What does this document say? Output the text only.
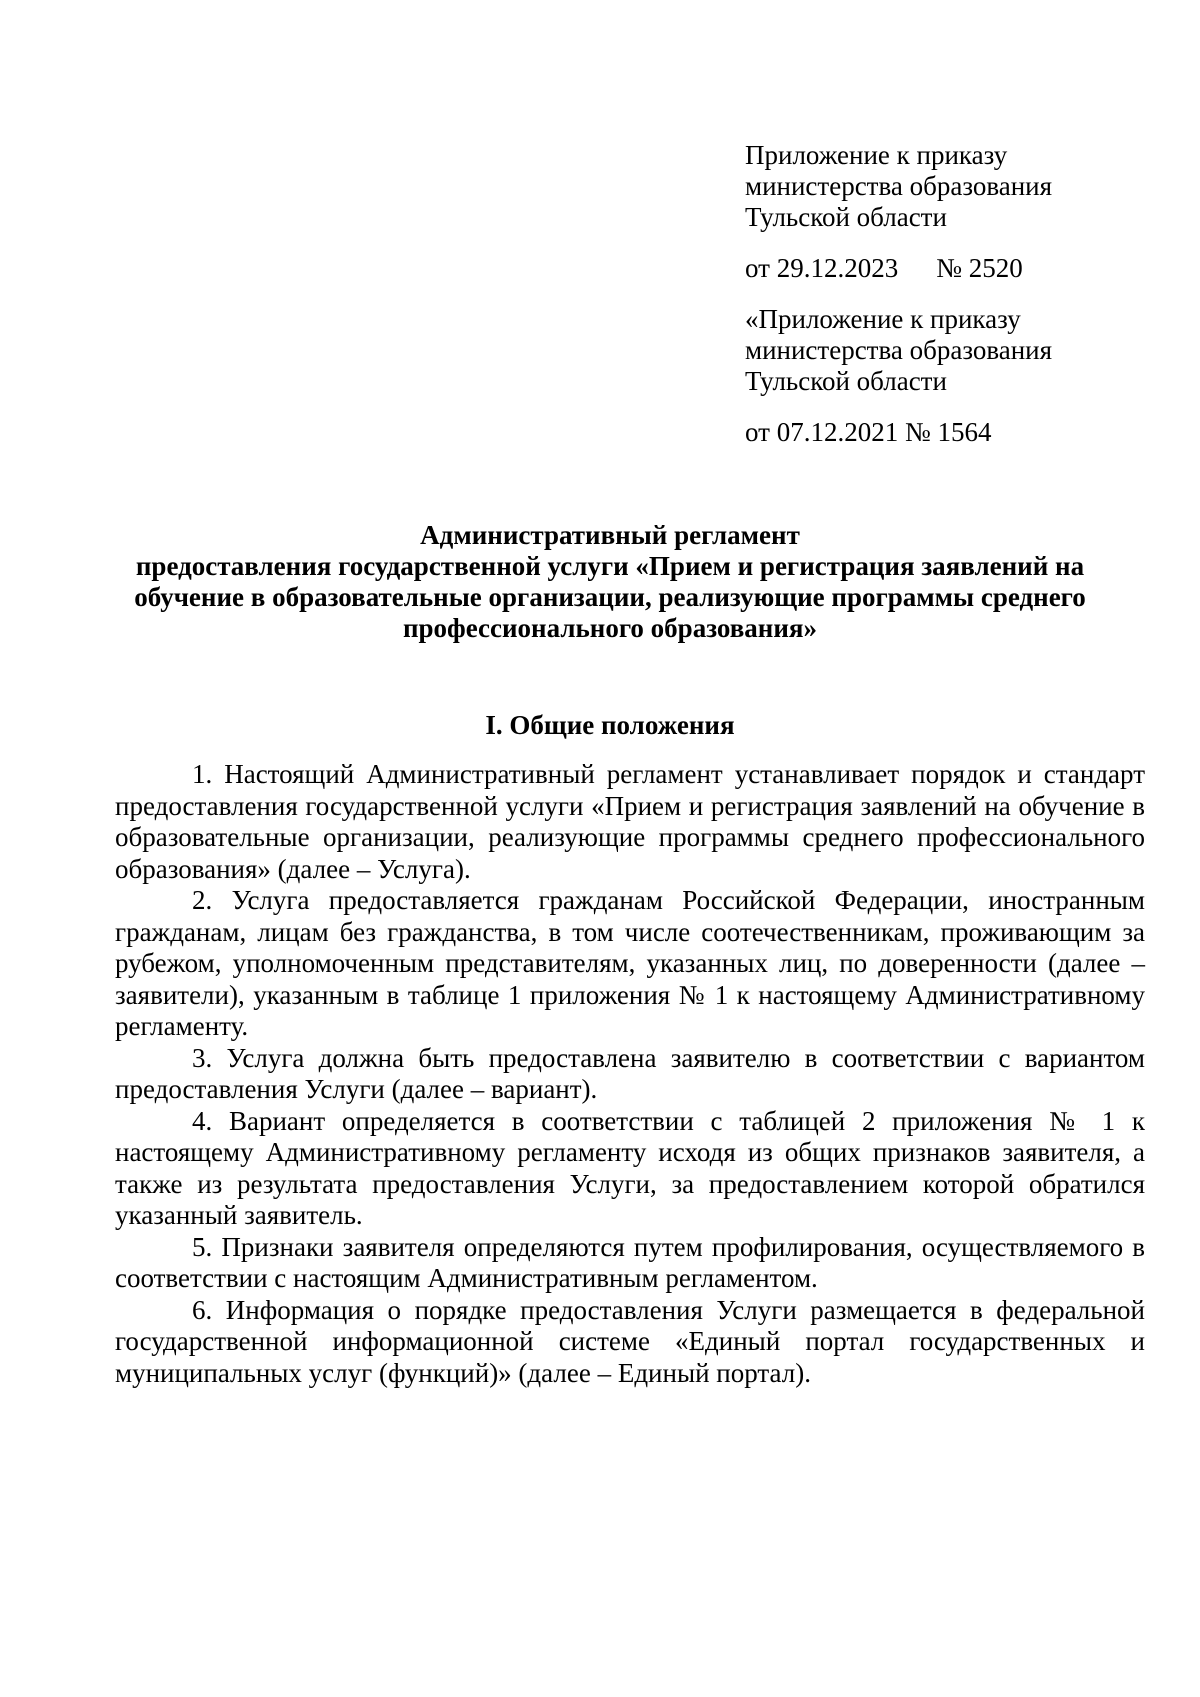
Приложение к приказу
министерства образования
Тульской области
от 29.12.2023 № 2520
«Приложение к приказу
министерства образования
Тульской области
от 07.12.2021 № 1564
Административный регламент
предоставления государственной услуги «Прием и регистрация заявлений на
обучение в образовательные организации, реализующие программы среднего
профессионального образования»
I. Общие положения

1. Настоящий Административный регламент устанавливает порядок и стандарт предоставления государственной услуги «Прием и регистрация заявлений на обучение в образовательные организации, реализующие программы среднего профессионального образования» (далее – Услуга).

2. Услуга предоставляется гражданам Российской Федерации, иностранным гражданам, лицам без гражданства, в том числе соотечественникам, проживающим за рубежом, уполномоченным представителям, указанных лиц, по доверенности (далее – заявители), указанным в таблице 1 приложения № 1 к настоящему Административному регламенту.

3. Услуга должна быть предоставлена заявителю в соответствии с вариантом предоставления Услуги (далее – вариант).

4. Вариант определяется в соответствии с таблицей 2 приложения № 1 к настоящему Административному регламенту исходя из общих признаков заявителя, а также из результата предоставления Услуги, за предоставлением которой обратился указанный заявитель.

5. Признаки заявителя определяются путем профилирования, осуществляемого в соответствии с настоящим Административным регламентом.

6. Информация о порядке предоставления Услуги размещается в федеральной государственной информационной системе «Единый портал государственных и муниципальных услуг (функций)» (далее – Единый портал).
